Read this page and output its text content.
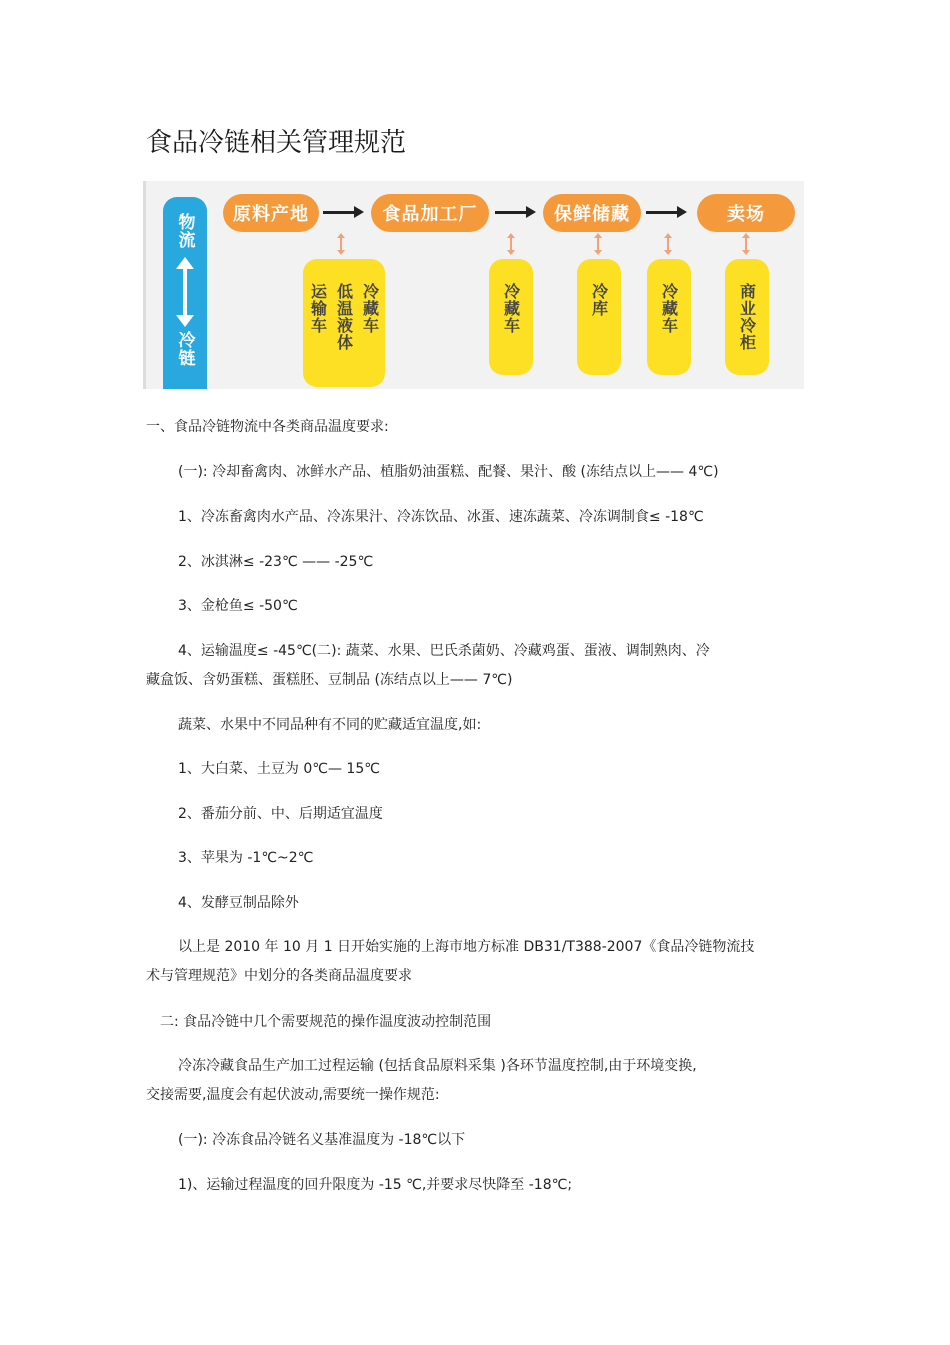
食品冷链相关管理规范
物流
冷链
原料产地	食品加工厂	保鲜储藏	卖场
冷藏车
低温液体
运输车	冷藏车	冷库	冷藏车	商业冷柜

一、食品冷链物流中各类商品温度要求:

(一): 冷却畜禽肉、冰鲜水产品、植脂奶油蛋糕、配餐、果汁、酸 (冻结点以上—— 4℃)

1、冷冻畜禽肉水产品、冷冻果汁、冷冻饮品、冰蛋、速冻蔬菜、冷冻调制食≤ -18℃

2、冰淇淋≤ -23℃ —— -25℃

3、金枪鱼≤ -50℃

4、运输温度≤ -45℃(二): 蔬菜、水果、巴氏杀菌奶、冷藏鸡蛋、蛋液、调制熟肉、冷

藏盒饭、含奶蛋糕、蛋糕胚、豆制品 (冻结点以上—— 7℃)

蔬菜、水果中不同品种有不同的贮藏适宜温度,如:

1、大白菜、土豆为 0℃— 15℃

2、番茄分前、中、后期适宜温度

3、苹果为 -1℃~2℃

4、发酵豆制品除外

以上是 2010 年 10 月 1 日开始实施的上海市地方标准 DB31/T388-2007《食品冷链物流技

术与管理规范》中划分的各类商品温度要求

二: 食品冷链中几个需要规范的操作温度波动控制范围

冷冻冷藏食品生产加工过程运输 (包括食品原料采集 )各环节温度控制,由于环境变换,

交接需要,温度会有起伏波动,需要统一操作规范:

(一): 冷冻食品冷链名义基准温度为 -18℃以下

1)、运输过程温度的回升限度为 -15 ℃,并要求尽快降至 -18℃;
